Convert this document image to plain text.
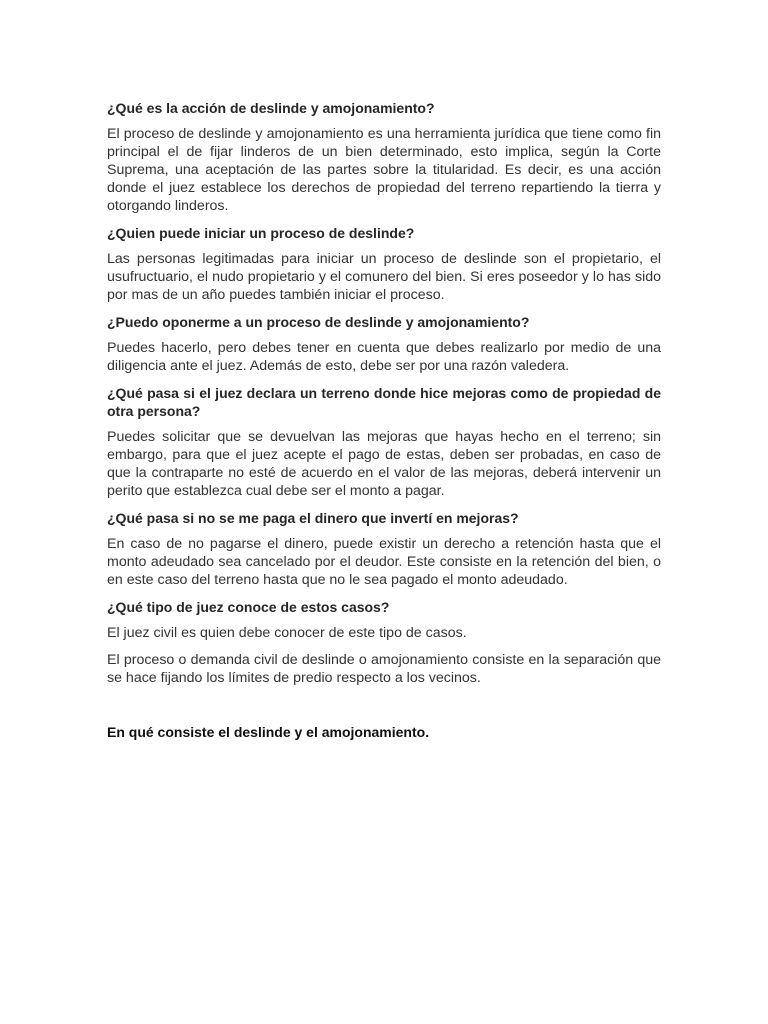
¿Qué es la acción de deslinde y amojonamiento?

El proceso de deslinde y amojonamiento es una herramienta jurídica que tiene como fin principal el de fijar linderos de un bien determinado, esto implica, según la Corte Suprema, una aceptación de las partes sobre la titularidad. Es decir, es una acción donde el juez establece los derechos de propiedad del terreno repartiendo la tierra y otorgando linderos.

¿Quien puede iniciar un proceso de deslinde?

Las personas legitimadas para iniciar un proceso de deslinde son el propietario, el usufructuario, el nudo propietario y el comunero del bien. Si eres poseedor y lo has sido por mas de un año puedes también iniciar el proceso.

¿Puedo oponerme a un proceso de deslinde y amojonamiento?

Puedes hacerlo, pero debes tener en cuenta que debes realizarlo por medio de una diligencia ante el juez. Además de esto, debe ser por una razón valedera.

¿Qué pasa si el juez declara un terreno donde hice mejoras como de propiedad de otra persona?

Puedes solicitar que se devuelvan las mejoras que hayas hecho en el terreno; sin embargo, para que el juez acepte el pago de estas, deben ser probadas, en caso de que la contraparte no esté de acuerdo en el valor de las mejoras, deberá intervenir un perito que establezca cual debe ser el monto a pagar.

¿Qué pasa si no se me paga el dinero que invertí en mejoras?

En caso de no pagarse el dinero, puede existir un derecho a retención hasta que el monto adeudado sea cancelado por el deudor. Este consiste en la retención del bien, o en este caso del terreno hasta que no le sea pagado el monto adeudado.

¿Qué tipo de juez conoce de estos casos?

El juez civil es quien debe conocer de este tipo de casos.

El proceso o demanda civil de deslinde o amojonamiento consiste en la separación que se hace fijando los límites de predio respecto a los vecinos.

En qué consiste el deslinde y el amojonamiento.
